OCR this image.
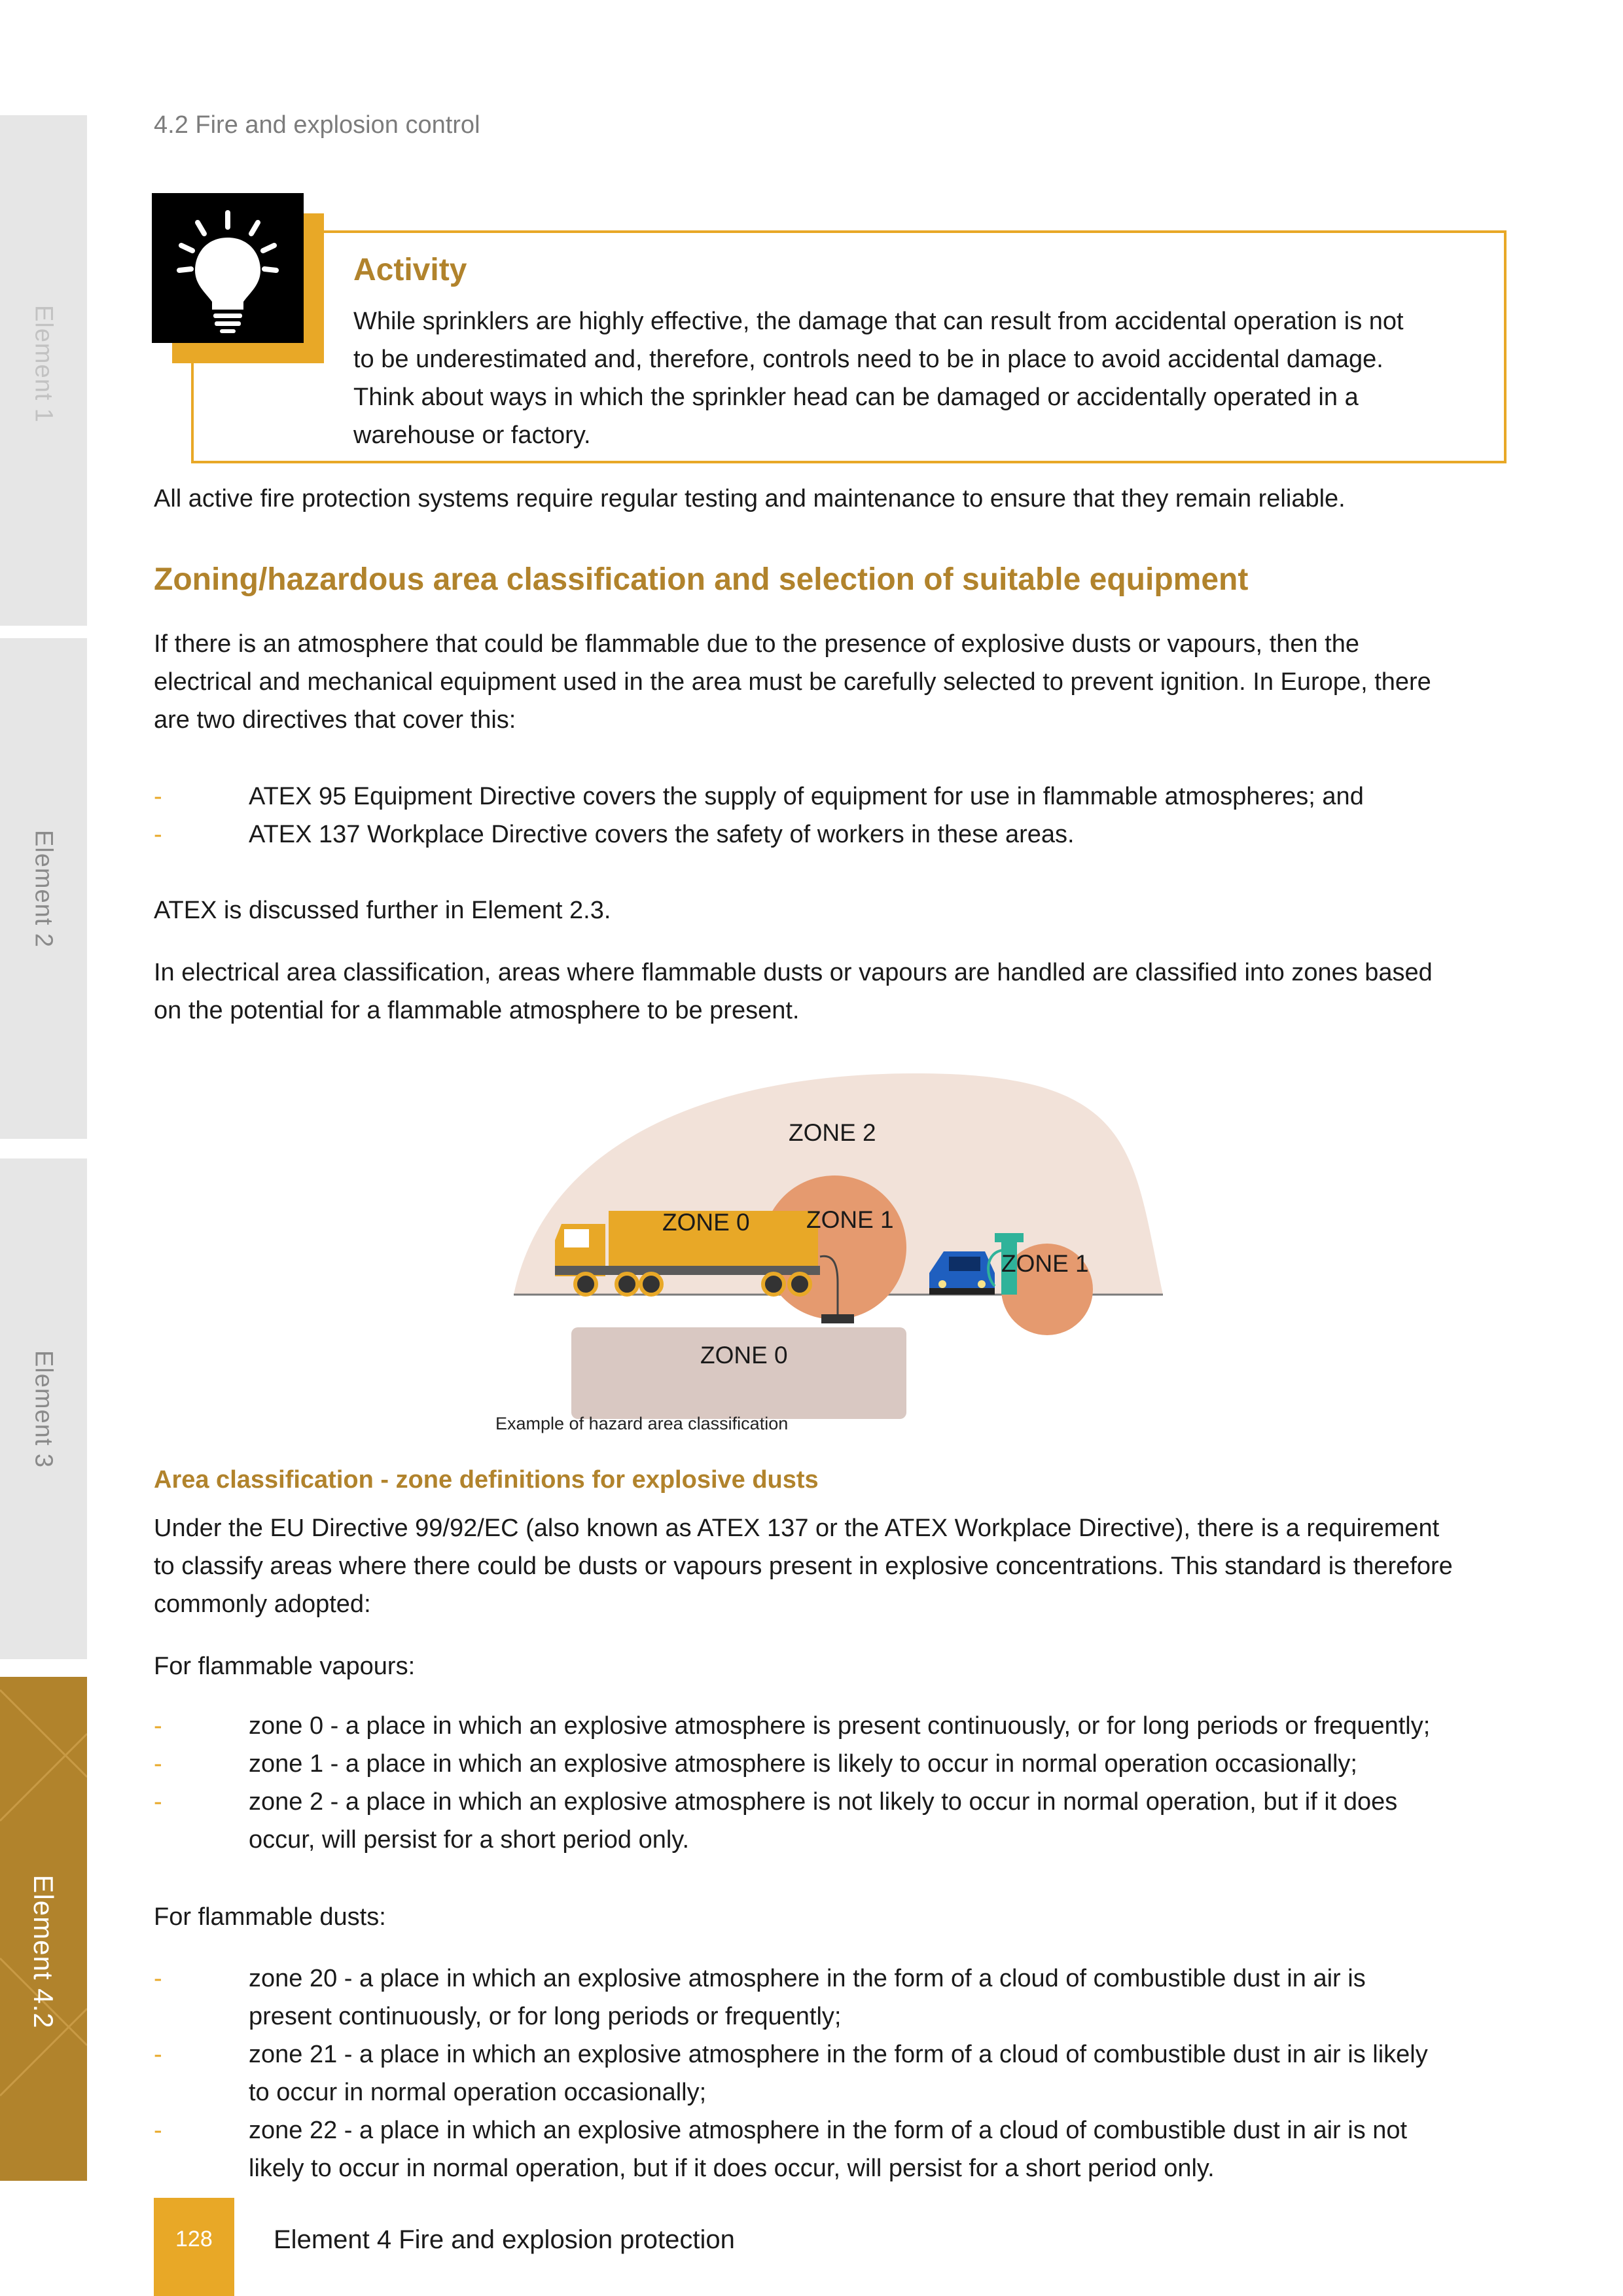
Element 1
Element 2
Element 3
Element 4.2
4.2 Fire and explosion control
Activity
While sprinklers are highly effective, the damage that can result from accidental operation is not
to be underestimated and, therefore, controls need to be in place to avoid accidental damage.
Think about ways in which the sprinkler head can be damaged or accidentally operated in a
warehouse or factory.
All active fire protection systems require regular testing and maintenance to ensure that they remain reliable.
Zoning/hazardous area classification and selection of suitable equipment
If there is an atmosphere that could be flammable due to the presence of explosive dusts or vapours, then the
electrical and mechanical equipment used in the area must be carefully selected to prevent ignition. In Europe, there
are two directives that cover this:
-	ATEX 95 Equipment Directive covers the supply of equipment for use in flammable atmospheres; and
-	ATEX 137 Workplace Directive covers the safety of workers in these areas.
ATEX is discussed further in Element 2.3.
In electrical area classification, areas where flammable dusts or vapours are handled are classified into zones based
on the potential for a flammable atmosphere to be present.
ZONE 2
ZONE 0 ZONE 1
ZONE 1
ZONE 0
Example of hazard area classification
Area classification - zone definitions for explosive dusts
Under the EU Directive 99/92/EC (also known as ATEX 137 or the ATEX Workplace Directive), there is a requirement
to classify areas where there could be dusts or vapours present in explosive concentrations. This standard is therefore
commonly adopted:
For flammable vapours:
-	zone 0 - a place in which an explosive atmosphere is present continuously, or for long periods or frequently;
-	zone 1 - a place in which an explosive atmosphere is likely to occur in normal operation occasionally;
-	zone 2 - a place in which an explosive atmosphere is not likely to occur in normal operation, but if it does
occur, will persist for a short period only.
For flammable dusts:
-	zone 20 - a place in which an explosive atmosphere in the form of a cloud of combustible dust in air is
present continuously, or for long periods or frequently;
-	zone 21 - a place in which an explosive atmosphere in the form of a cloud of combustible dust in air is likely
to occur in normal operation occasionally;
-	zone 22 - a place in which an explosive atmosphere in the form of a cloud of combustible dust in air is not
likely to occur in normal operation, but if it does occur, will persist for a short period only.
128 Element 4 Fire and explosion protection
